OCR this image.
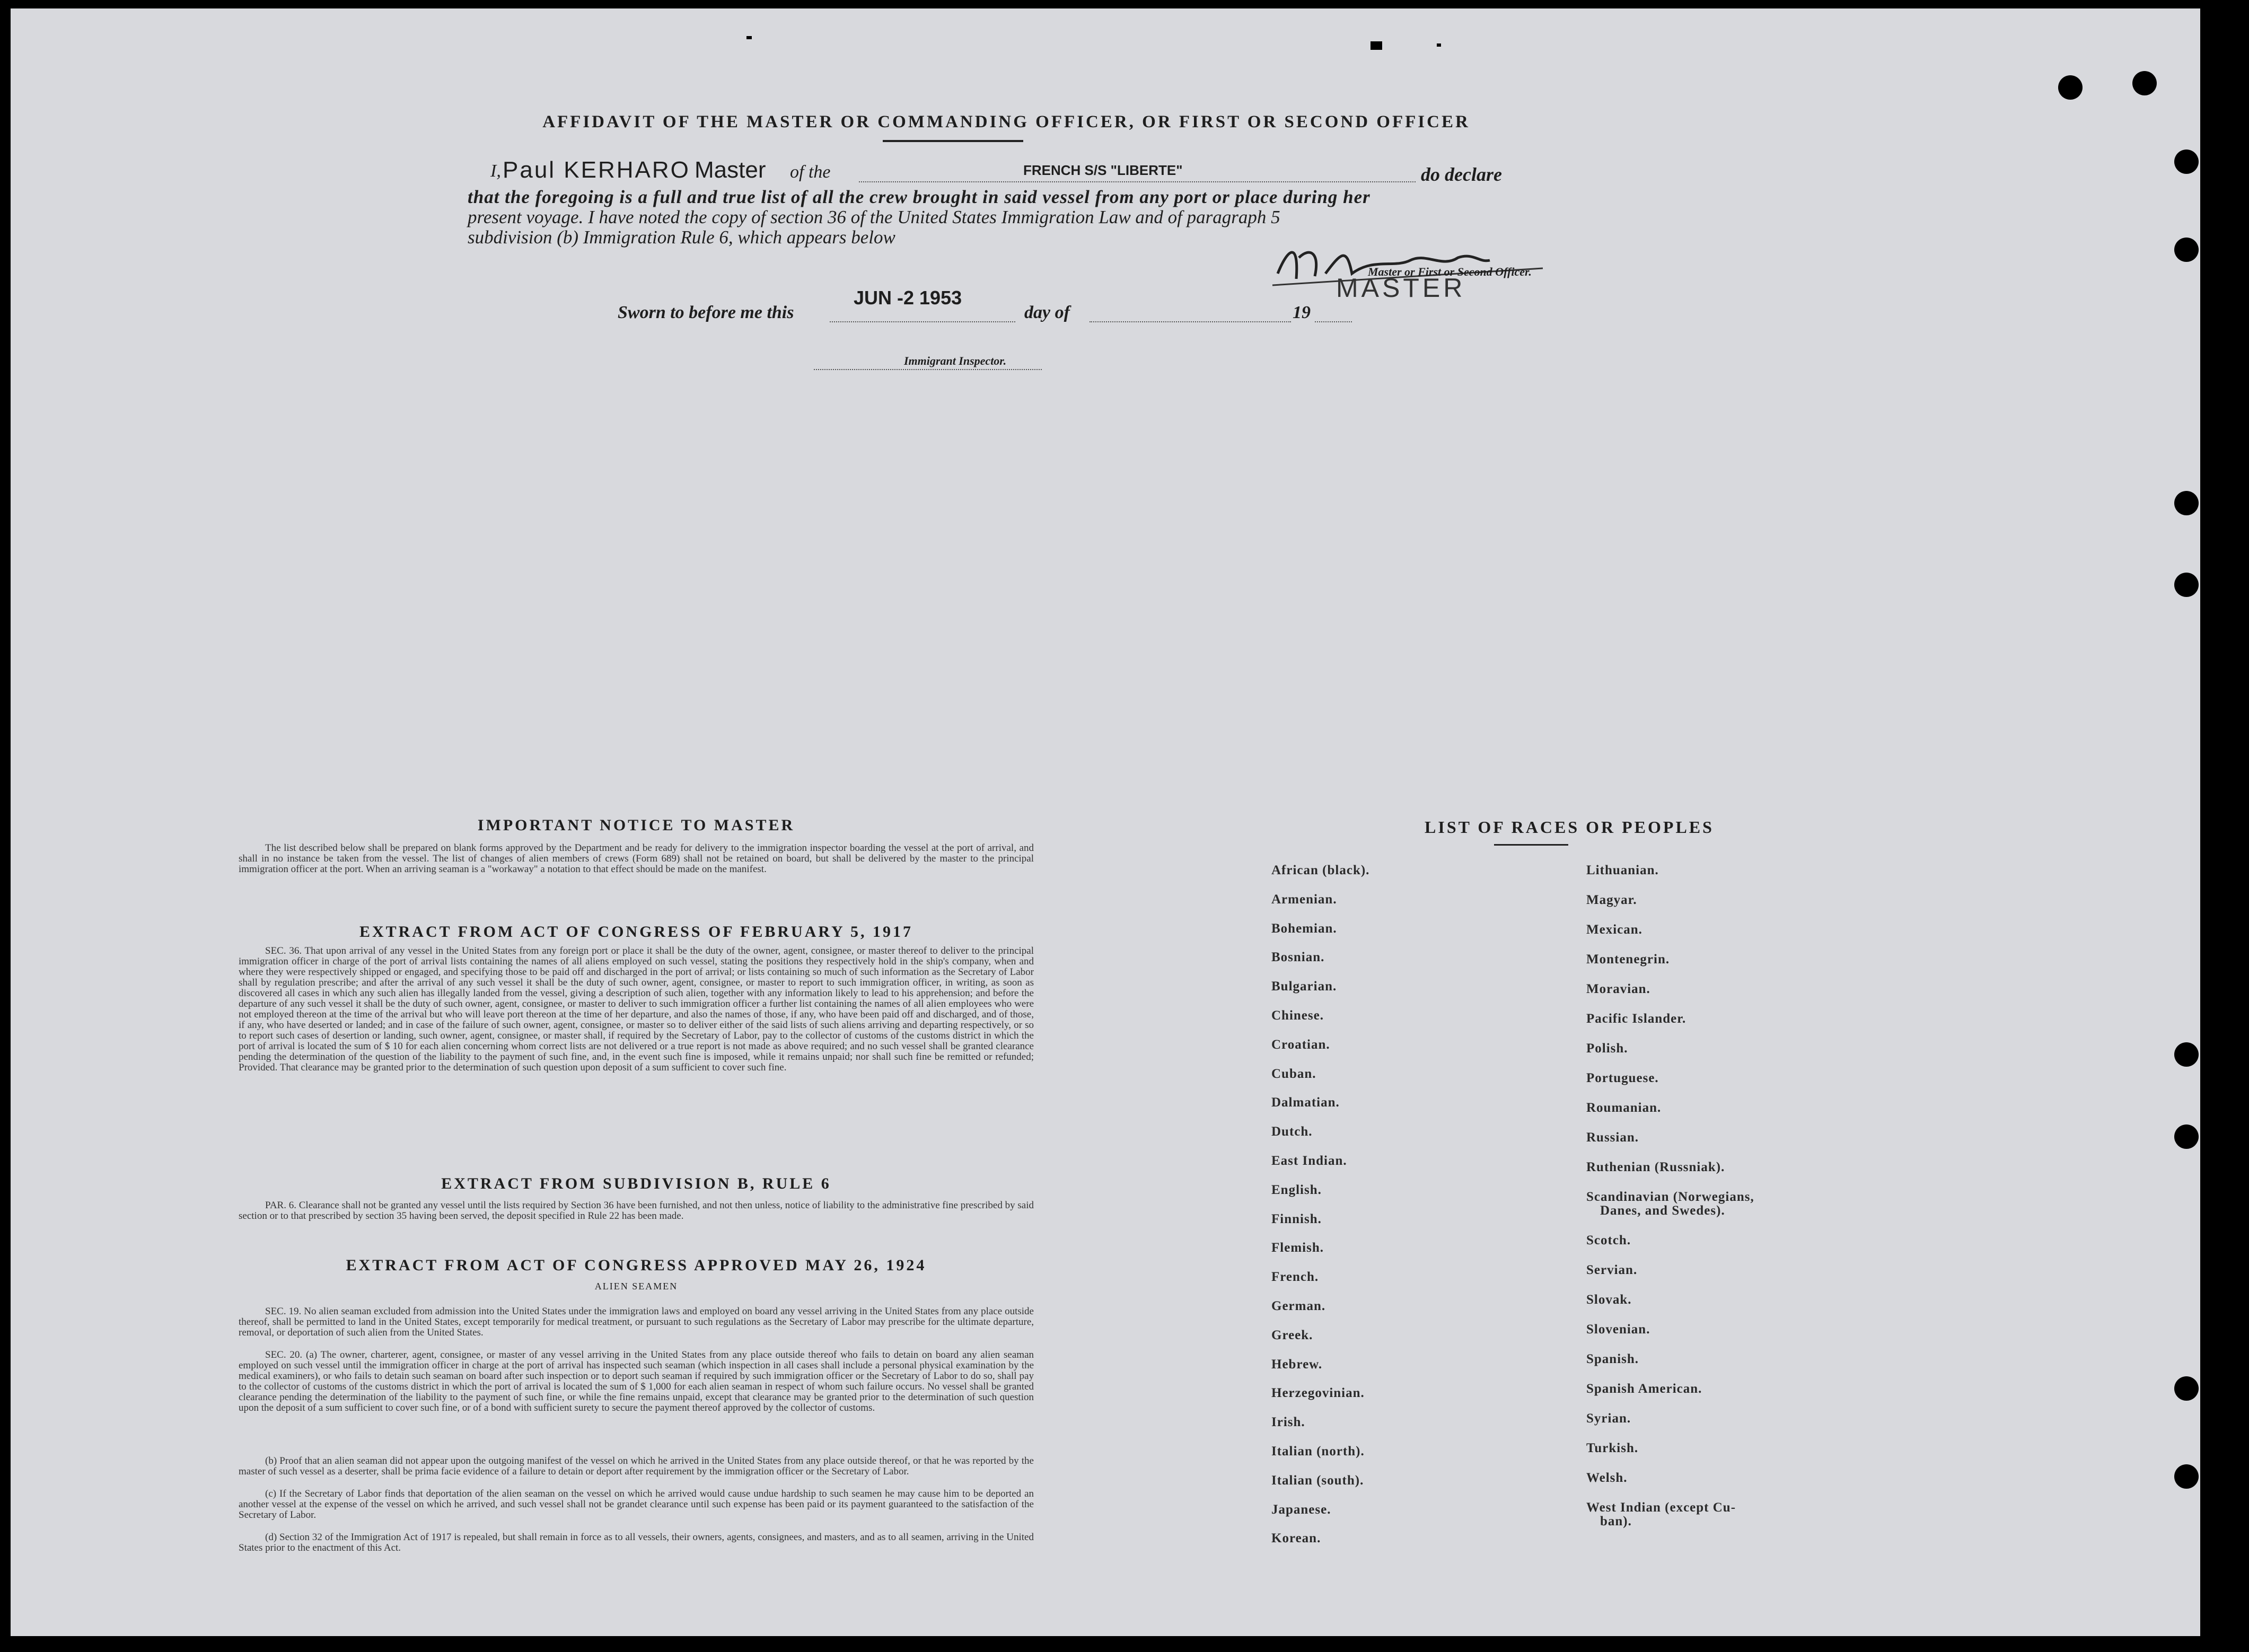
AFFIDAVIT OF THE MASTER OR COMMANDING OFFICER, OR FIRST OR SECOND OFFICER
I, Paul KERHARO Master of the	FRENCH S/S "LIBERTE"	do declare
that the foregoing is a full and true list of all the crew brought in said vessel from any port or place during her
present voyage. I have noted the copy of section 36 of the United States Immigration Law and of paragraph 5
subdivision (b) Immigration Rule 6, which appears below
Master or First or Second Officer.
MASTER
Sworn to before me this
JUN -2 1953
day of	19
Immigrant Inspector.
IMPORTANT NOTICE TO MASTER
The list described below shall be prepared on blank forms approved by the Department and be ready for delivery to the immigration inspector boarding the vessel at the port of arrival, and shall in no instance be taken from the vessel. The list of changes of alien members of crews (Form 689) shall not be retained on board, but shall be delivered by the master to the principal immigration officer at the port. When an arriving seaman is a "workaway" a notation to that effect should be made on the manifest.
EXTRACT FROM ACT OF CONGRESS OF FEBRUARY 5, 1917
SEC. 36. That upon arrival of any vessel in the United States from any foreign port or place it shall be the duty of the owner, agent, consignee, or master thereof to deliver to the principal immigration officer in charge of the port of arrival lists containing the names of all aliens employed on such vessel, stating the positions they respectively hold in the ship's company, when and where they were respectively shipped or engaged, and specifying those to be paid off and discharged in the port of arrival; or lists containing so much of such information as the Secretary of Labor shall by regulation prescribe; and after the arrival of any such vessel it shall be the duty of such owner, agent, consignee, or master to report to such immigration officer, in writing, as soon as discovered all cases in which any such alien has illegally landed from the vessel, giving a description of such alien, together with any information likely to lead to his apprehension; and before the departure of any such vessel it shall be the duty of such owner, agent, consignee, or master to deliver to such immigration officer a further list containing the names of all alien employees who were not employed thereon at the time of the arrival but who will leave port thereon at the time of her departure, and also the names of those, if any, who have been paid off and discharged, and of those, if any, who have deserted or landed; and in case of the failure of such owner, agent, consignee, or master so to deliver either of the said lists of such aliens arriving and departing respectively, or so to report such cases of desertion or landing, such owner, agent, consignee, or master shall, if required by the Secretary of Labor, pay to the collector of customs of the customs district in which the port of arrival is located the sum of $ 10 for each alien concerning whom correct lists are not delivered or a true report is not made as above required; and no such vessel shall be granted clearance pending the determination of the question of the liability to the payment of such fine, and, in the event such fine is imposed, while it remains unpaid; nor shall such fine be remitted or refunded; Provided. That clearance may be granted prior to the determination of such question upon deposit of a sum sufficient to cover such fine.
EXTRACT FROM SUBDIVISION B, RULE 6
PAR. 6. Clearance shall not be granted any vessel until the lists required by Section 36 have been furnished, and not then unless, notice of liability to the administrative fine prescribed by said section or to that prescribed by section 35 having been served, the deposit specified in Rule 22 has been made.
EXTRACT FROM ACT OF CONGRESS APPROVED MAY 26, 1924
ALIEN SEAMEN
SEC. 19. No alien seaman excluded from admission into the United States under the immigration laws and employed on board any vessel arriving in the United States from any place outside thereof, shall be permitted to land in the United States, except temporarily for medical treatment, or pursuant to such regulations as the Secretary of Labor may prescribe for the ultimate departure, removal, or deportation of such alien from the United States.
SEC. 20. (a) The owner, charterer, agent, consignee, or master of any vessel arriving in the United States from any place outside thereof who fails to detain on board any alien seaman employed on such vessel until the immigration officer in charge at the port of arrival has inspected such seaman (which inspection in all cases shall include a personal physical examination by the medical examiners), or who fails to detain such seaman on board after such inspection or to deport such seaman if required by such immigration officer or the Secretary of Labor to do so, shall pay to the collector of customs of the customs district in which the port of arrival is located the sum of $ 1,000 for each alien seaman in respect of whom such failure occurs. No vessel shall be granted clearance pending the determination of the liability to the payment of such fine, or while the fine remains unpaid, except that clearance may be granted prior to the determination of such question upon the deposit of a sum sufficient to cover such fine, or of a bond with sufficient surety to secure the payment thereof approved by the collector of customs.
(b) Proof that an alien seaman did not appear upon the outgoing manifest of the vessel on which he arrived in the United States from any place outside thereof, or that he was reported by the master of such vessel as a deserter, shall be prima facie evidence of a failure to detain or deport after requirement by the immigration officer or the Secretary of Labor.
(c) If the Secretary of Labor finds that deportation of the alien seaman on the vessel on which he arrived would cause undue hardship to such seamen he may cause him to be deported an another vessel at the expense of the vessel on which he arrived, and such vessel shall not be grandet clearance until such expense has been paid or its payment guaranteed to the satisfaction of the Secretary of Labor.
(d) Section 32 of the Immigration Act of 1917 is repealed, but shall remain in force as to all vessels, their owners, agents, consignees, and masters, and as to all seamen, arriving in the United States prior to the enactment of this Act.
LIST OF RACES OR PEOPLES
African (black).
Armenian.
Bohemian.
Bosnian.
Bulgarian.
Chinese.
Croatian.
Cuban.
Dalmatian.
Dutch.
East Indian.
English.
Finnish.
Flemish.
French.
German.
Greek.
Hebrew.
Herzegovinian.
Irish.
Italian (north).
Italian (south).
Japanese.
Korean.
Lithuanian.
Magyar.
Mexican.
Montenegrin.
Moravian.
Pacific Islander.
Polish.
Portuguese.
Roumanian.
Russian.
Ruthenian (Russniak).
Scandinavian (Norwegians,
Danes, and Swedes).
Scotch.
Servian.
Slovak.
Slovenian.
Spanish.
Spanish American.
Syrian.
Turkish.
Welsh.
West Indian (except Cu-
ban).
